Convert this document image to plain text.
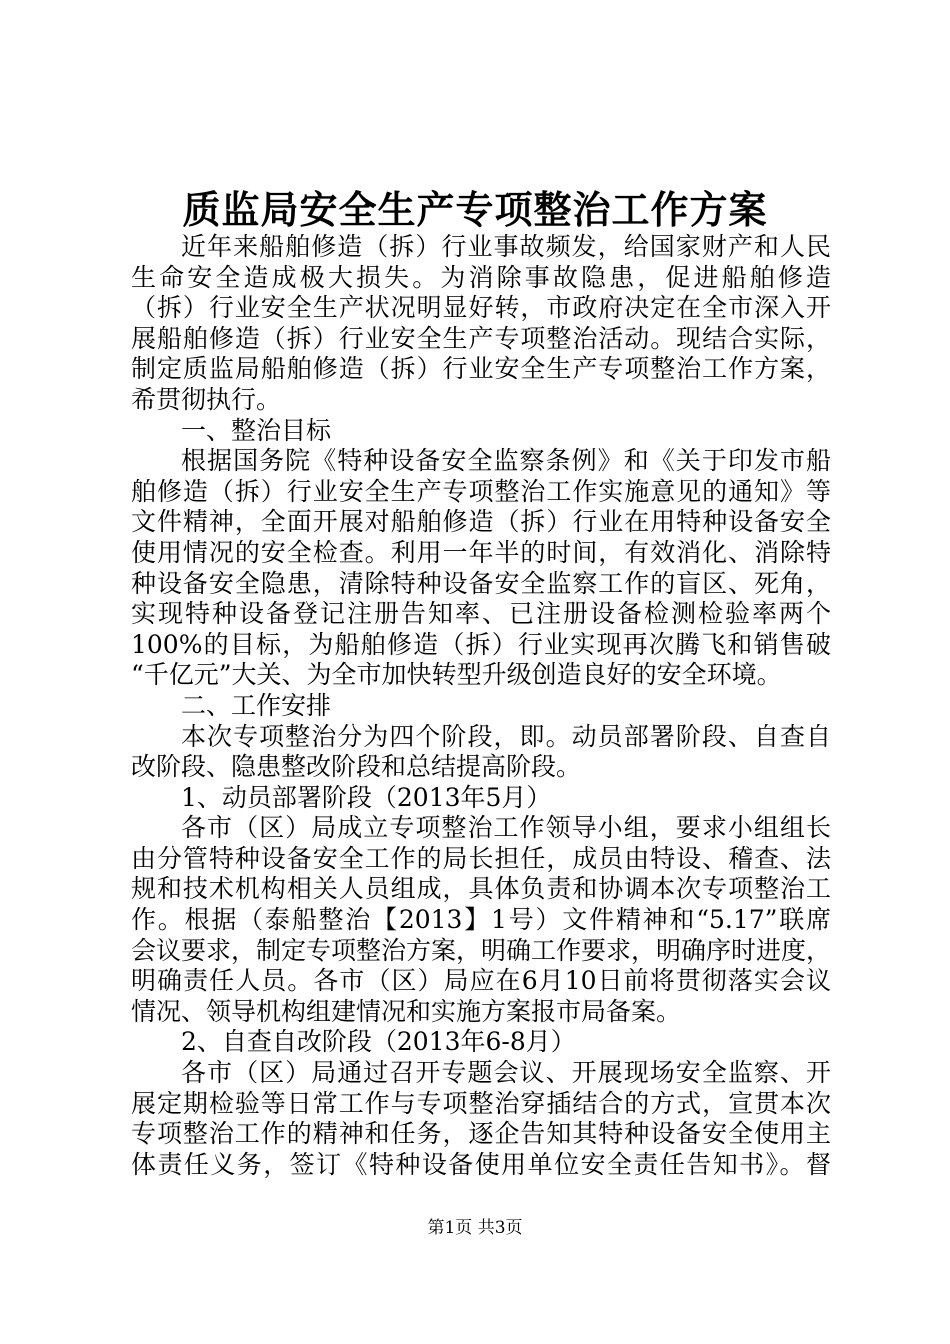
质监局安全生产专项整治工作方案
近年来船舶修造（拆）行业事故频发，给国家财产和人民
生命安全造成极大损失。为消除事故隐患，促进船舶修造
（拆）行业安全生产状况明显好转，市政府决定在全市深入开
展船舶修造（拆）行业安全生产专项整治活动。现结合实际，
制定质监局船舶修造（拆）行业安全生产专项整治工作方案，
希贯彻执行。
一、整治目标
根据国务院《特种设备安全监察条例》和《关于印发市船
舶修造（拆）行业安全生产专项整治工作实施意见的通知》等
文件精神，全面开展对船舶修造（拆）行业在用特种设备安全
使用情况的安全检查。利用一年半的时间，有效消化、消除特
种设备安全隐患，清除特种设备安全监察工作的盲区、死角，
实现特种设备登记注册告知率、已注册设备检测检验率两个
100%的目标，为船舶修造（拆）行业实现再次腾飞和销售破
“千亿元”大关、为全市加快转型升级创造良好的安全环境。
二、工作安排
本次专项整治分为四个阶段，即。动员部署阶段、自查自
改阶段、隐患整改阶段和总结提高阶段。
1、动员部署阶段（2013年5月）
各市（区）局成立专项整治工作领导小组，要求小组组长
由分管特种设备安全工作的局长担任，成员由特设、稽查、法
规和技术机构相关人员组成，具体负责和协调本次专项整治工
作。根据（泰船整治【2013】1号）文件精神和“5.17”联席
会议要求，制定专项整治方案，明确工作要求，明确序时进度，
明确责任人员。各市（区）局应在6月10日前将贯彻落实会议
情况、领导机构组建情况和实施方案报市局备案。
2、自查自改阶段（2013年6-8月）
各市（区）局通过召开专题会议、开展现场安全监察、开
展定期检验等日常工作与专项整治穿插结合的方式，宣贯本次
专项整治工作的精神和任务，逐企告知其特种设备安全使用主
体责任义务，签订《特种设备使用单位安全责任告知书》。督
第1页 共3页
